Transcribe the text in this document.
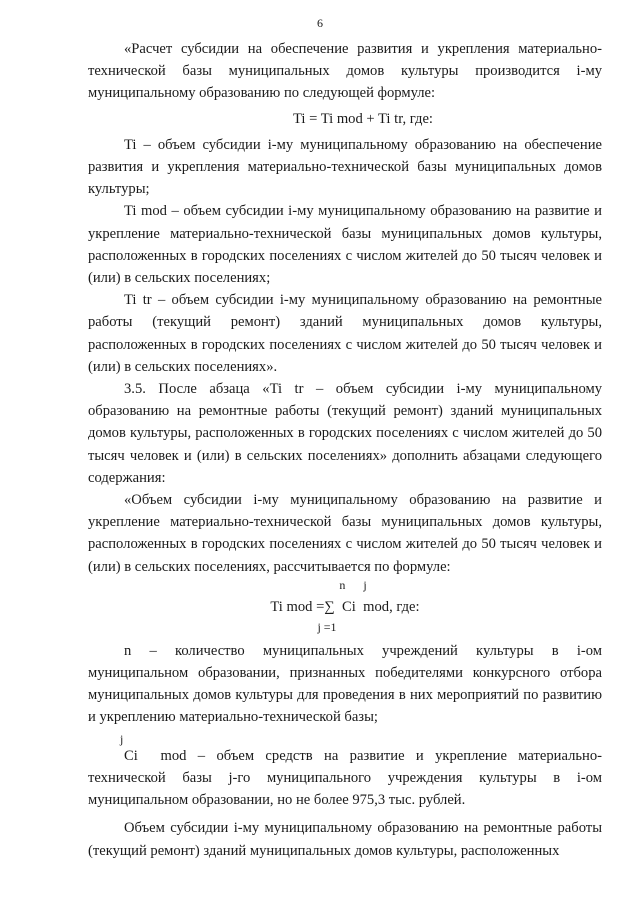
6

«Расчет субсидии на обеспечение развития и укрепления материально-технической базы муниципальных домов культуры производится i-му муниципальному образованию по следующей формуле:

Ti = Ti mod + Ti tr, где:

Ti – объем субсидии i-му муниципальному образованию на обеспечение развития и укрепления материально-технической базы муниципальных домов культуры;

Ti mod – объем субсидии i-му муниципальному образованию на развитие и укрепление материально-технической базы муниципальных домов культуры, расположенных в городских поселениях с числом жителей до 50 тысяч человек и (или) в сельских поселениях;

Ti tr – объем субсидии i-му муниципальному образованию на ремонтные работы (текущий ремонт) зданий муниципальных домов культуры, расположенных в городских поселениях с числом жителей до 50 тысяч человек и (или) в сельских поселениях».

3.5. После абзаца «Ti tr – объем субсидии i-му муниципальному образованию на ремонтные работы (текущий ремонт) зданий муниципальных домов культуры, расположенных в городских поселениях с числом жителей до 50 тысяч человек и (или) в сельских поселениях» дополнить абзацами следующего содержания:

«Объем субсидии i-му муниципальному образованию на развитие и укрепление материально-технической базы муниципальных домов культуры, расположенных в городских поселениях с числом жителей до 50 тысяч человек и (или) в сельских поселениях, рассчитывается по формуле:

n      j
Ti mod =∑  Ci  mod, где:
j =1

n – количество муниципальных учреждений культуры в i-ом муниципальном образовании, признанных победителями конкурсного отбора муниципальных домов культуры для проведения в них мероприятий по развитию и укреплению материально-технической базы;

j

Ci  mod – объем средств на развитие и укрепление материально-технической базы j-го муниципального учреждения культуры в i-ом муниципальном образовании, но не более 975,3 тыс. рублей.

Объем субсидии i-му муниципальному образованию на ремонтные работы (текущий ремонт) зданий муниципальных домов культуры, расположенных
